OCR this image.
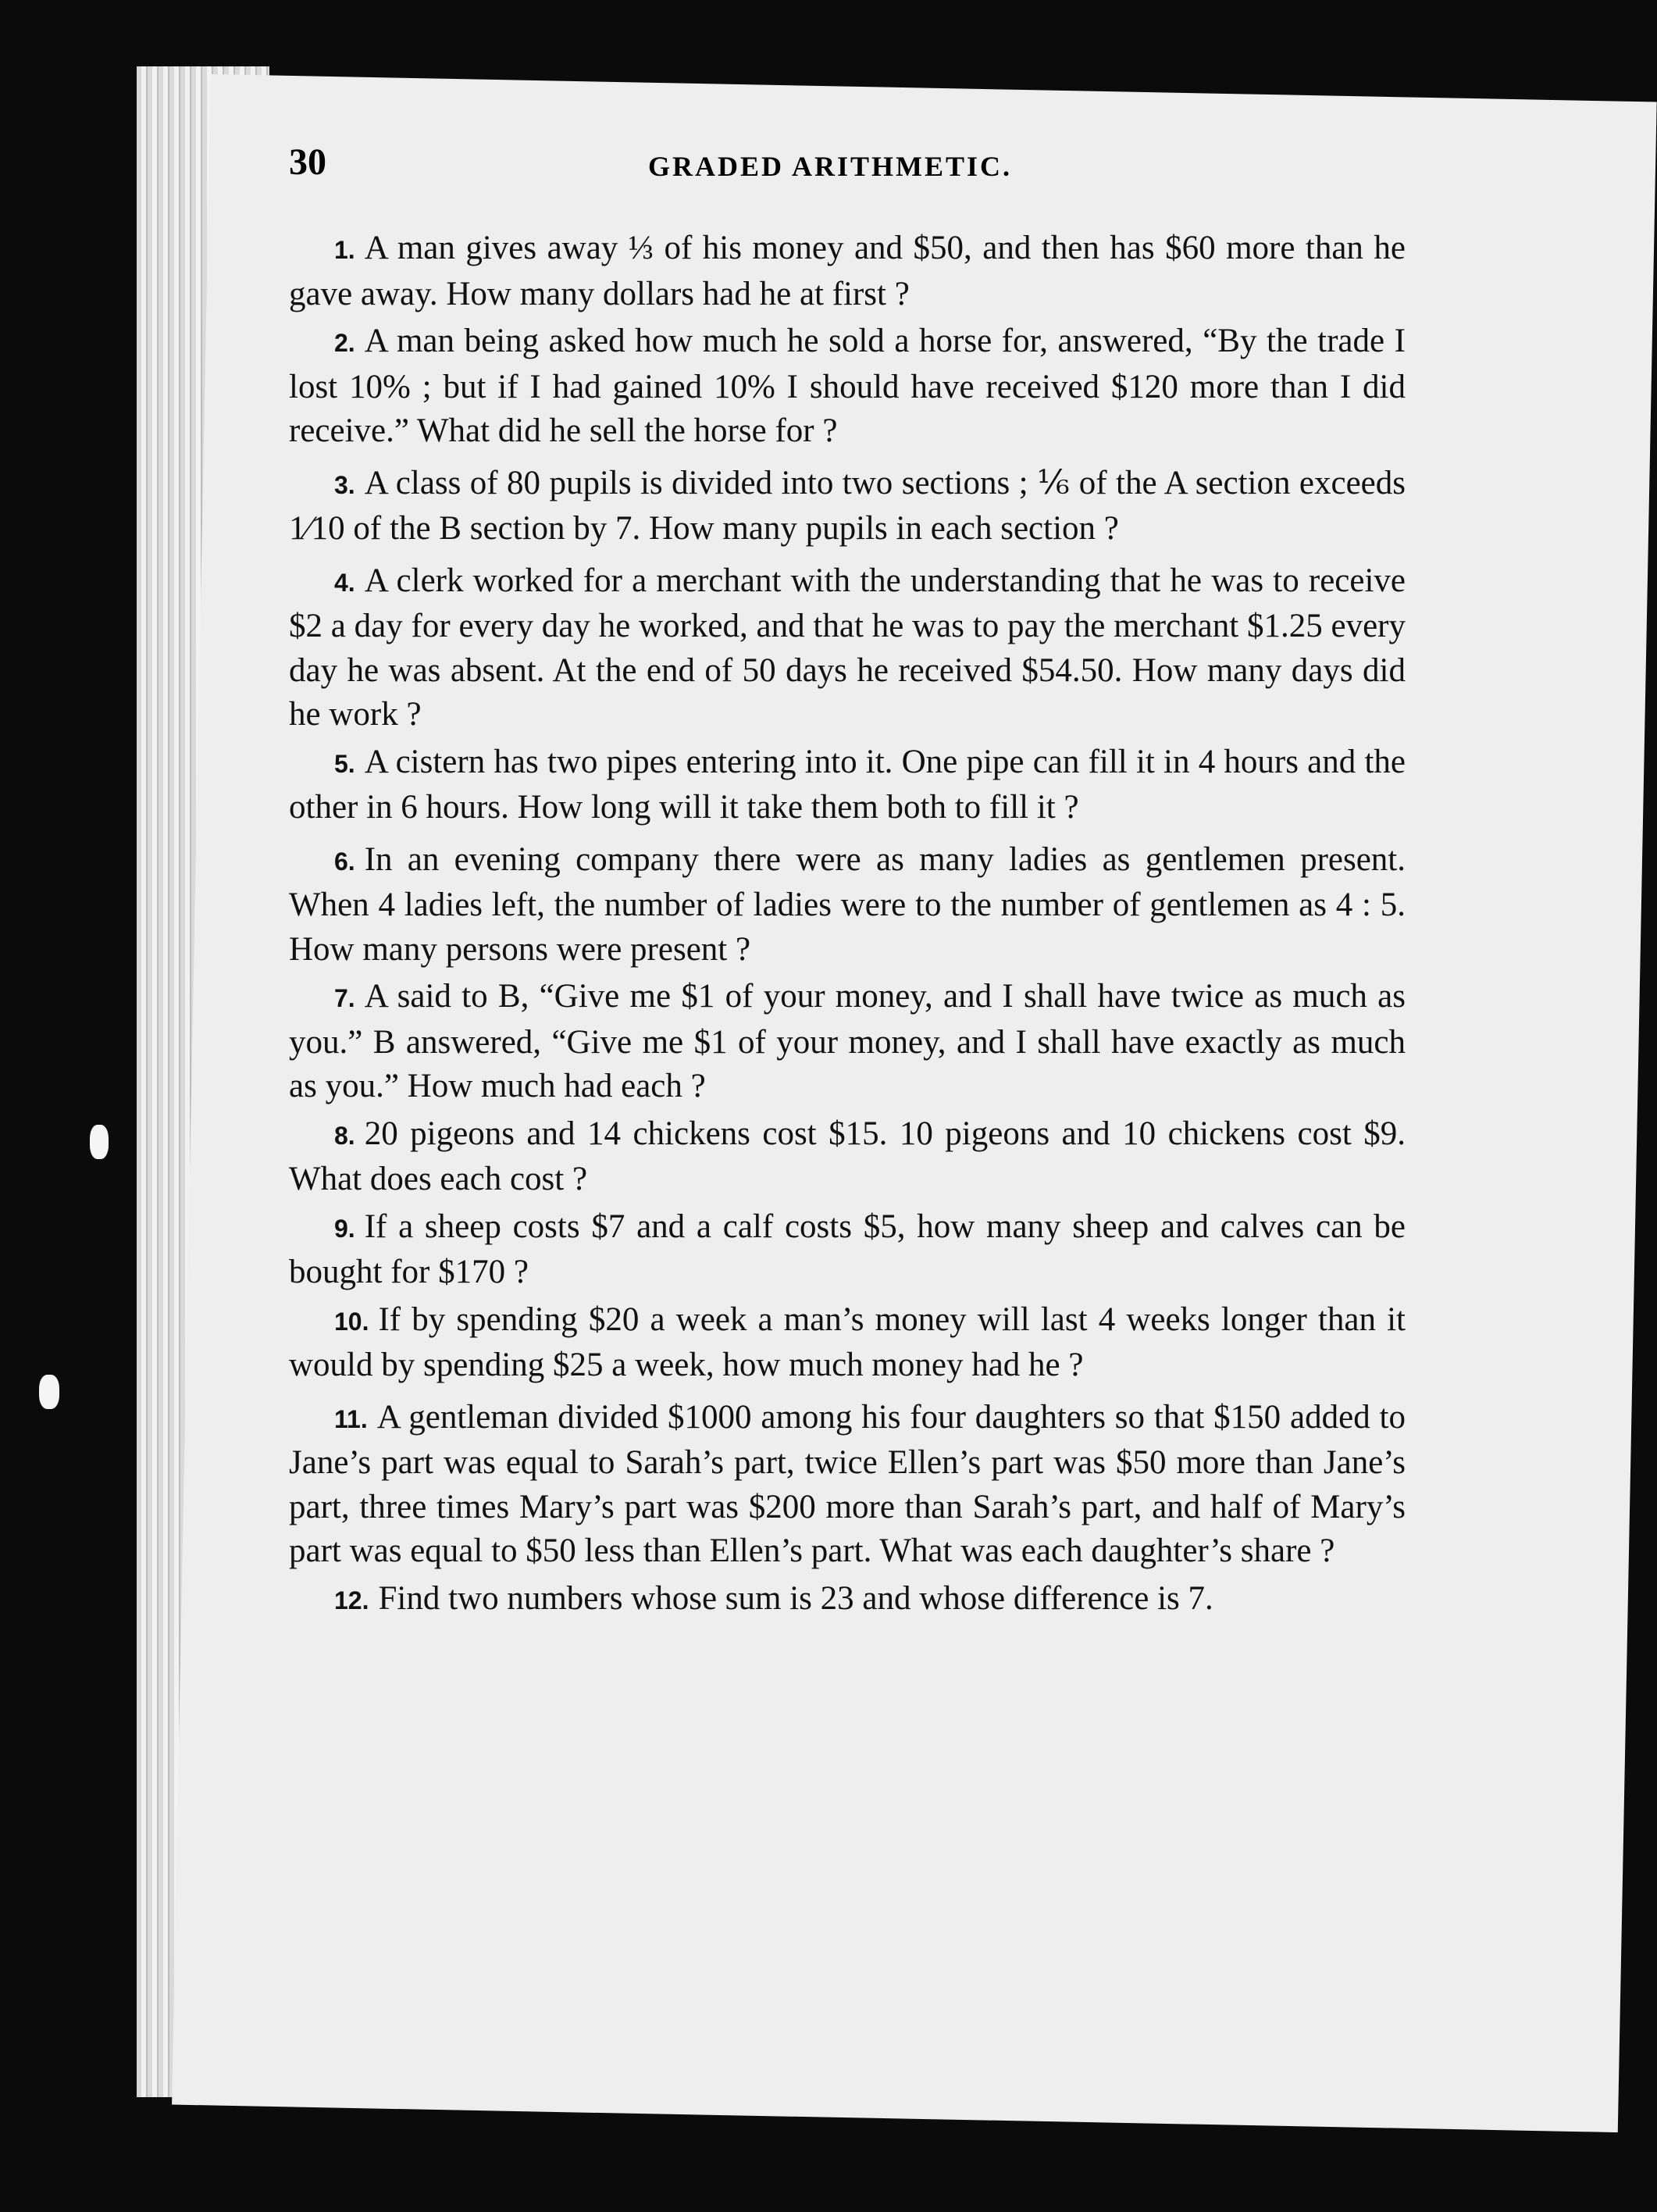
30	GRADED ARITHMETIC.

1. A man gives away ⅓ of his money and $50, and then has $60 more than he gave away. How many dollars had he at first ?

2. A man being asked how much he sold a horse for, answered, “By the trade I lost 10% ; but if I had gained 10% I should have received $120 more than I did receive.” What did he sell the horse for ?

3. A class of 80 pupils is divided into two sections ; ⅙ of the A section exceeds 1⁄10 of the B section by 7. How many pupils in each section ?

4. A clerk worked for a merchant with the understanding that he was to receive $2 a day for every day he worked, and that he was to pay the merchant $1.25 every day he was absent. At the end of 50 days he received $54.50. How many days did he work ?

5. A cistern has two pipes entering into it. One pipe can fill it in 4 hours and the other in 6 hours. How long will it take them both to fill it ?

6. In an evening company there were as many ladies as gentlemen present. When 4 ladies left, the number of ladies were to the number of gentlemen as 4 : 5. How many persons were present ?

7. A said to B, “Give me $1 of your money, and I shall have twice as much as you.” B answered, “Give me $1 of your money, and I shall have exactly as much as you.” How much had each ?

8. 20 pigeons and 14 chickens cost $15. 10 pigeons and 10 chickens cost $9. What does each cost ?

9. If a sheep costs $7 and a calf costs $5, how many sheep and calves can be bought for $170 ?

10. If by spending $20 a week a man’s money will last 4 weeks longer than it would by spending $25 a week, how much money had he ?

11. A gentleman divided $1000 among his four daughters so that $150 added to Jane’s part was equal to Sarah’s part, twice Ellen’s part was $50 more than Jane’s part, three times Mary’s part was $200 more than Sarah’s part, and half of Mary’s part was equal to $50 less than Ellen’s part. What was each daughter’s share ?

12. Find two numbers whose sum is 23 and whose difference is 7.
